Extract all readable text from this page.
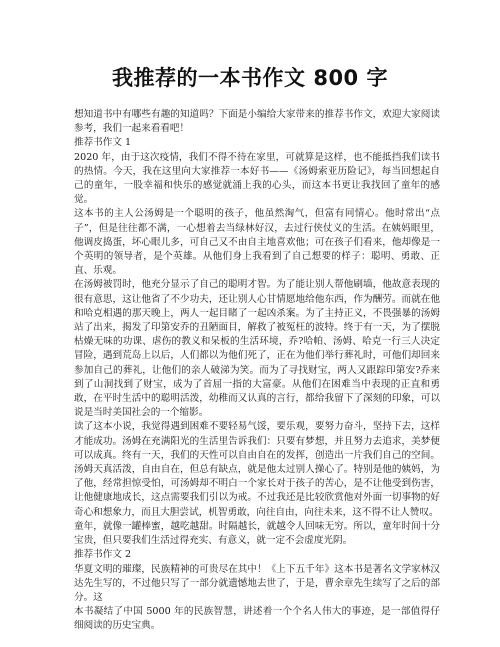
我推荐的一本书作文 800 字

想知道书中有哪些有趣的知道吗？下面是小编给大家带来的推荐书作文，欢迎大家阅读参考，我们一起来看看吧！

推荐书作文 1

2020 年，由于这次疫情，我们不得不待在家里，可就算是这样，也不能抵挡我们读书的热情。今天，我在这里向大家推荐一本好书——《汤姆索亚历险记》，每当回想起自己的童年，一股幸福和快乐的感觉就涌上我的心头，而这本书更让我找回了童年的感觉。

这本书的主人公汤姆是一个聪明的孩子，他虽然淘气，但富有同情心。他时常出“点子”，但是往往都不满，一心想着去当绿林好汉，去过行侠仗义的生活。在姨妈眼里，他调皮捣蛋，坏心眼儿多，可自己又不由自主地喜欢他；可在孩子们看来，他却像是一个英明的领导者，是个英雄。从他们身上我看到了自己想要的样子：聪明、勇敢、正直、乐观。

在汤姆被罚时，他充分显示了自己的聪明才智。为了能让别人帮他刷墙，他故意表现的很有意思，这让他省了不少功夫，还让别人心甘情愿地给他东西，作为酬劳。而就在他和哈克相遇的那天晚上，两人一起目睹了一起凶杀案。为了主持正义，不畏强暴的汤姆站了出来，揭发了印第安乔的丑陋面目，解救了被冤枉的波特。终于有一天，为了摆脱枯燥无味的功课、虐伤的教义和呆板的生活环境，乔?哈帕、汤姆、哈克一行三人决定冒险，遇到荒岛上以后，人们都以为他们死了，正在为他们举行葬礼时，可他们却回来参加自己的葬礼，让他们的亲人破涕为笑。而为了寻找财宝，两人又跟踪印第安?乔来到了山洞找到了财宝，成为了首屈一指的大富豪。从他们在困难当中表现的正直和勇敢，在平时生活中的聪明活泼，幼稚而又认真的言行，都给我留下了深刻的印象，可以说是当时美国社会的一个缩影。

读了这本小说，我觉得遇到困难不要轻易气馁，要乐观，要努力奋斗，坚持下去，这样才能成功。汤姆在充满阳光的生活里告诉我们：只要有梦想，并且努力去追求，美梦便可以成真。终有一天，我们的天性可以自由自在的发挥，创造出一片我们自己的空间。汤姆天真活泼，自由自在，但总有缺点，就是他太过别人操心了。特别是他的姨妈，为了他，经常担惊受怕，可汤姆却不明白一个家长对于孩子的苦心，是不让他受到伤害，让他健康地成长，这点需要我们引以为戒。不过我还是比较欣赏他对外面一切事物的好奇心和想象力，而且大胆尝试，机智勇敢，向往自由，向往未来，这不得不让人赞叹。

童年，就像一罐棒蜜，越吃越甜。时隔越长，就越令人回味无穷。所以，童年时间十分宝贵，但只要我们生活过得充实、有意义，就一定不会虚度光阴。

推荐书作文 2

华夏文明的璀璨，民族精神的可贵尽在其中！《上下五千年》这本书是著名文学家林汉达先生写的，不过他只写了一部分就遗憾地去世了，于是，曹余章先生续写了之后的部分。这

本书凝结了中国 5000 年的民族智慧，讲述着一个个名人伟大的事迹，是一部值得仔细阅读的历史宝典。
